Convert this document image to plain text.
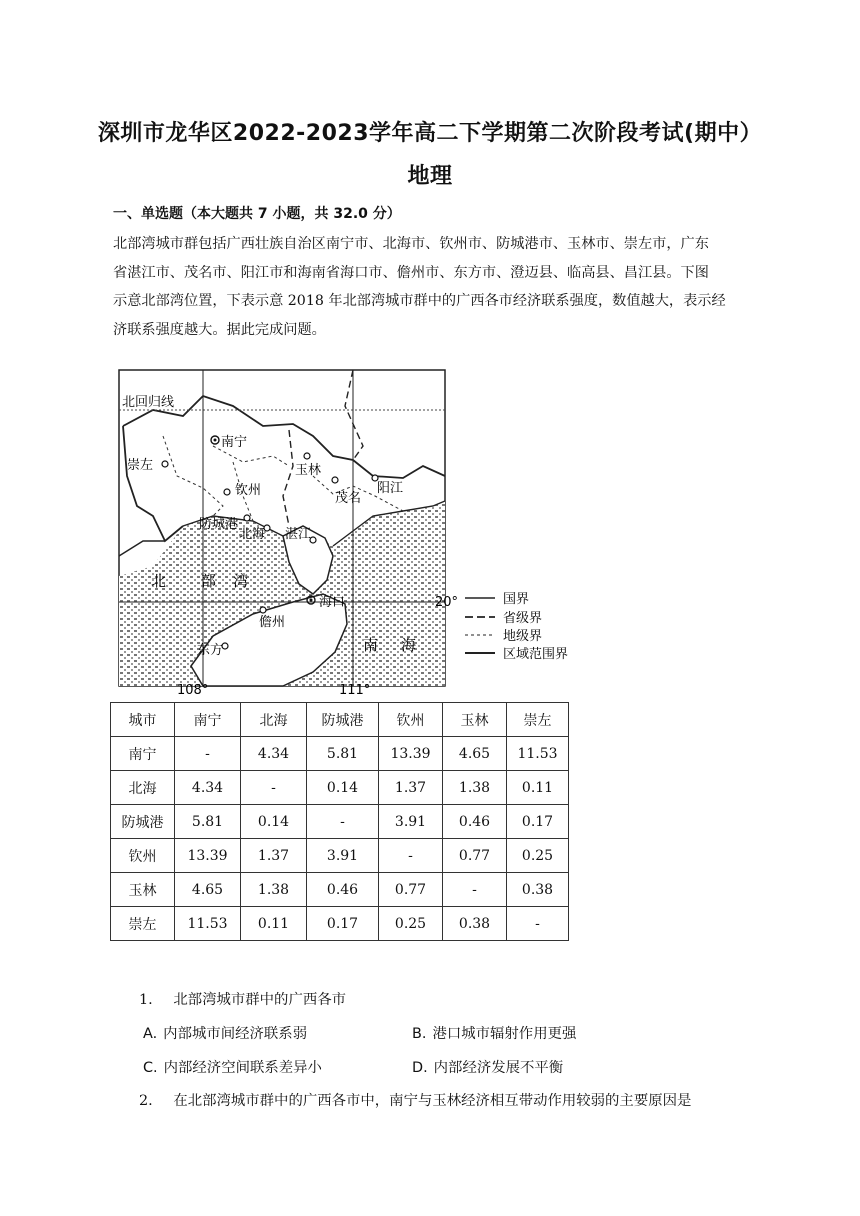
深圳市龙华区2022-2023学年高二下学期第二次阶段考试(期中）
地理
一、单选题（本大题共 7 小题，共 32.0 分）
北部湾城市群包括广西壮族自治区南宁市、北海市、钦州市、防城港市、玉林市、崇左市，广东
省湛江市、茂名市、阳江市和海南省海口市、儋州市、东方市、澄迈县、临高县、昌江县。下图
示意北部湾位置，下表示意 2018 年北部湾城市群中的广西各市经济联系强度，数值越大，表示经
济联系强度越大。据此完成问题。
北回归线
南宁
崇左	玉林
钦州
茂名
阳江
防城港
北海 湛江
海口
儋州
东方
北 部 湾
南 海
20°
108°	111°
国界
省级界
地级界
区域范围界
城市	南宁	北海	防城港	钦州	玉林	崇左
南宁	-	4.34	5.81	13.39	4.65	11.53
北海	4.34	-	0.14	1.37	1.38	0.11
防城港	5.81	0.14	-	3.91	0.46	0.17
钦州	13.39	1.37	3.91	-	0.77	0.25
玉林	4.65	1.38	0.46	0.77	-	0.38
崇左	11.53	0.11	0.17	0.25	0.38	-
1. 北部湾城市群中的广西各市
A. 内部城市间经济联系弱	B. 港口城市辐射作用更强
C. 内部经济空间联系差异小	D. 内部经济发展不平衡
2. 在北部湾城市群中的广西各市中，南宁与玉林经济相互带动作用较弱的主要原因是
